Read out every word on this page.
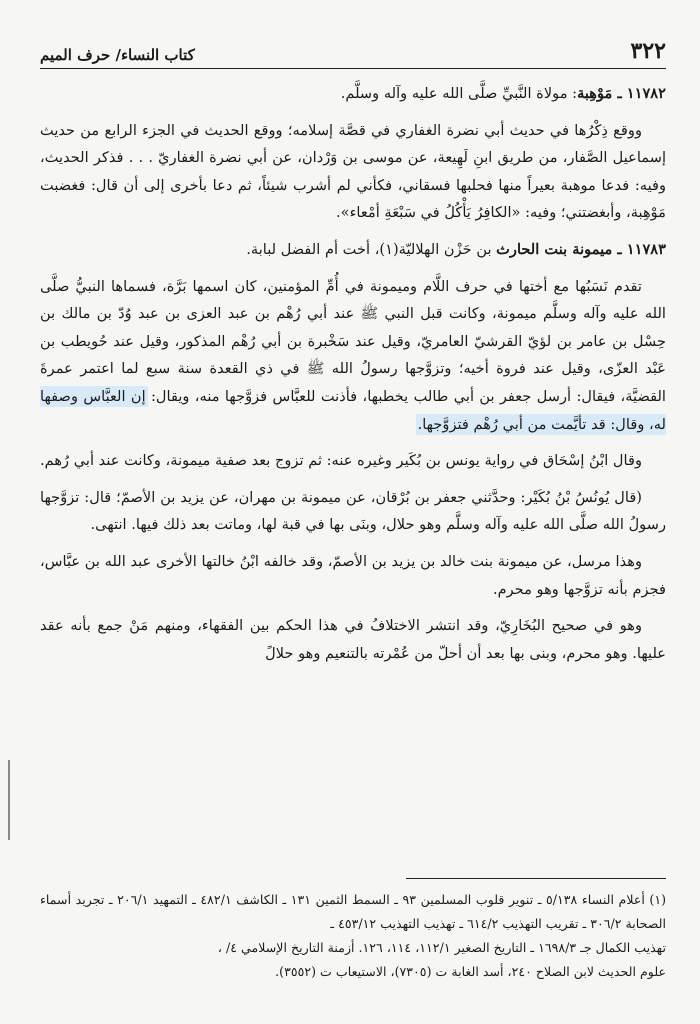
٣٢٢
كتاب النساء/ حرف الميم

١١٧٨٢ ـ مَوْهِبة: مولاة النَّبيِّ صلَّى الله عليه وآله وسلَّم.

ووقع ذِكْرُها في حديث أبي نضرة الغفاري في قصَّة إسلامه؛ ووقع الحديث في الجزء الرابع من حديث إسماعيل الصَّفار، من طريق ابنِ لَهِيعة، عن موسى بن وَرْدان، عن أبي نضرة الغفاريّ . . . فذكر الحديث، وفيه: فدعا موهبة بعيراً منها فحلبها فسقاني، فكأني لم أشرب شيئاً، ثم دعا بأخرى إلى أن قال: فغضبت مَوْهِبة، وأبغضتني؛ وفيه: «الكافِرُ يَأْكُلُ في سَبْعَةِ أمْعاء».

١١٧٨٣ ـ ميمونة بنت الحارث بن حَزْن الهلاليّة(١)، أخت أم الفضل لبابة.

تقدم نَسَبُها مع أختها في حرف اللَّام وميمونة في أُمِّ المؤمنين، كان اسمها بَرَّة، فسماها النبيُّ صلَّى الله عليه وآله وسلَّم ميمونة، وكانت قبل النبي ﷺ عند أبي رُهْم بن عبد العزى بن عبد وُدّ بن مالك بن حِسْل بن عامر بن لؤيّ القرشيّ العامريّ، وقيل عند سَخْبرة بن أبي رُهْم المذكور، وقيل عند حُويطب بن عَبْد العزّى، وقيل عند فروة أخيه؛ وتزوَّجها رسولُ الله ﷺ في ذي القعدة سنة سبع لما اعتمر عمرةَ القضيَّة، فيقال: أرسل جعفر بن أبي طالب يخطبها، فأذنت للعبَّاس فزوَّجها منه، ويقال: إن العبَّاس وصفها له، وقال: قد تأيَّمت من أبي رُهْم فتزوَّجها.

وقال ابْنُ إسْحَاق في رواية يونس بن بُكَير وغيره عنه: ثم تزوج بعد صفية ميمونة، وكانت عند أبي رُهم.

(قال يُونُسُ بْنُ بُكَيْر: وحدَّثني جعفر بن بُرْقان، عن ميمونة بن مهران، عن يزيد بن الأصمّ؛ قال: تزوَّجها رسولُ الله صلَّى الله عليه وآله وسلَّم وهو حلال، وبنَى بها في قبة لها، وماتت بعد ذلك فيها. انتهى.

وهذا مرسل، عن ميمونة بنت خالد بن يزيد بن الأصمّ، وقد خالفه ابْنُ خالتها الأخرى عبد الله بن عبَّاس، فجزم بأنه تزوَّجها وهو محرم.

وهو في صحيح البُخَارِيّ، وقد انتشر الاختلافُ في هذا الحكم بين الفقهاء، ومنهم مَنْ جمع بأنه عقد عليها. وهو محرم، وبنى بها بعد أن أحلّ من عُمْرته بالتنعيم وهو حلالً

(١) أعلام النساء ٥/١٣٨ ـ تنوير قلوب المسلمين ٩٣ ـ السمط الثمين ١٣١ ـ الكاشف ٤٨٢/١ ـ التمهيد ٢٠٦/١ ـ تجريد أسماء الصحابة ٣٠٦/٢ ـ تقريب التهذيب ٦١٤/٢ ـ تهذيب التهذيب ٤٥٣/١٢ ـ

تهذيب الكمال جـ ١٦٩٨/٣ ـ التاريخ الصغير ١١٢/١، ١١٤، ١٢٦. أزمنة التاريخ الإسلامي ٤/ ،

علوم الحديث لابن الصلاح ٢٤٠، أسد الغابة ت (٧٣٠٥)، الاستيعاب ت (٣٥٥٢).
